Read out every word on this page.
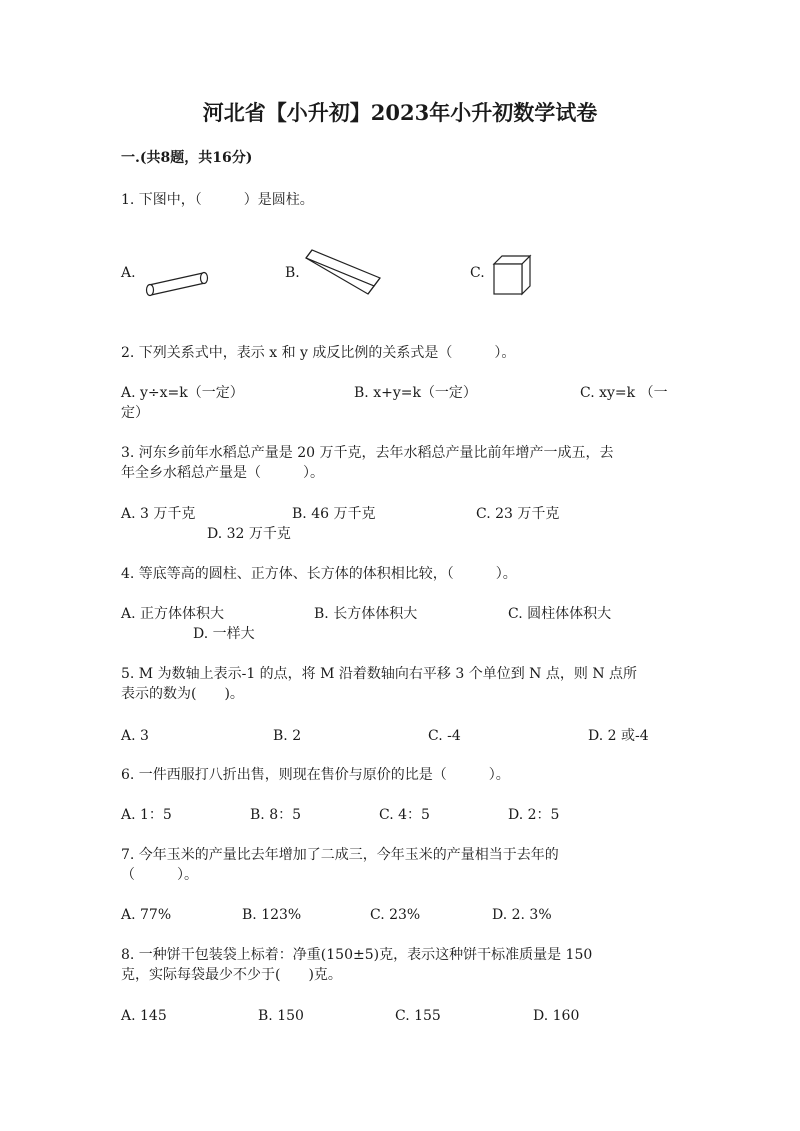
河北省【小升初】2023年小升初数学试卷
一.(共8题，共16分)
1. 下图中，（　　　）是圆柱。
A.	B.	C.
2. 下列关系式中，表示 x 和 y 成反比例的关系式是（　　　）。
A. y÷x=k（一定）	B. x+y=k（一定）	C. xy=k （一
定）
3. 河东乡前年水稻总产量是 20 万千克，去年水稻总产量比前年增产一成五，去
年全乡水稻总产量是（　　　）。
A. 3 万千克	B. 46 万千克	C. 23 万千克
D. 32 万千克
4. 等底等高的圆柱、正方体、长方体的体积相比较，（　　　）。
A. 正方体体积大	B. 长方体体积大	C. 圆柱体体积大
D. 一样大
5. M 为数轴上表示-1 的点，将 M 沿着数轴向右平移 3 个单位到 N 点，则 N 点所
表示的数为(　　)。
A. 3	B. 2	C. -4	D. 2 或-4
6. 一件西服打八折出售，则现在售价与原价的比是（　　　）。
A. 1：5	B. 8：5	C. 4：5	D. 2：5
7. 今年玉米的产量比去年增加了二成三，今年玉米的产量相当于去年的
（　　　）。
A. 77%	B. 123%	C. 23%	D. 2. 3%
8. 一种饼干包装袋上标着：净重(150±5)克，表示这种饼干标准质量是 150
克，实际每袋最少不少于(　　)克。
A. 145	B. 150	C. 155	D. 160
